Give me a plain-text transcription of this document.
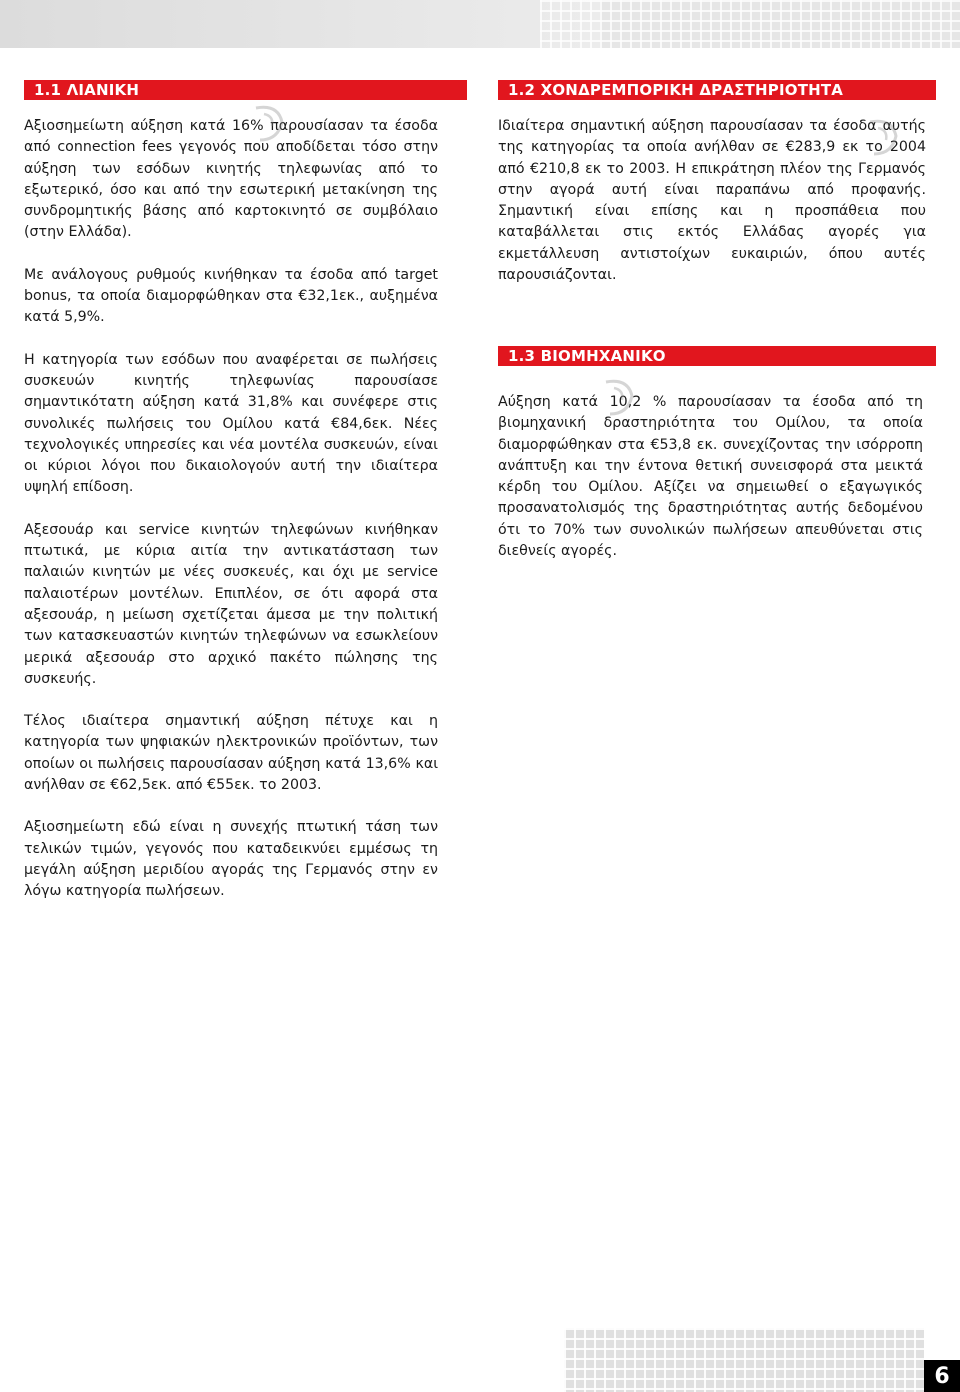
1.1 ΛΙΑΝΙΚΗ

Αξιοσημείωτη αύξηση κατά 16% παρουσίασαν τα έσοδα από connection fees γεγονός που αποδίδεται τόσο στην αύξηση των εσόδων κινητής τηλεφωνίας από το εξωτερικό, όσο και από την εσωτερική μετακίνηση της συνδρομητικής βάσης από καρτοκινητό σε συμβόλαιο (στην Ελλάδα).

Με ανάλογους ρυθμούς κινήθηκαν τα έσοδα από target bonus, τα οποία διαμορφώθηκαν στα €32,1εκ., αυξημένα κατά 5,9%.

Η κατηγορία των εσόδων που αναφέρεται σε πωλήσεις συσκευών κινητής τηλεφωνίας παρουσίασε σημαντικότατη αύξηση κατά 31,8% και συνέφερε στις συνολικές πωλήσεις του Ομίλου κατά €84,6εκ. Νέες τεχνολογικές υπηρεσίες και νέα μοντέλα συσκευών, είναι οι κύριοι λόγοι που δικαιολογούν αυτή την ιδιαίτερα υψηλή επίδοση.

Αξεσουάρ και service κινητών τηλεφώνων κινήθηκαν πτωτικά, με κύρια αιτία την αντικατάσταση των παλαιών κινητών με νέες συσκευές, και όχι με service παλαιοτέρων μοντέλων. Επιπλέον, σε ότι αφορά στα αξεσουάρ, η μείωση σχετίζεται άμεσα με την πολιτική των κατασκευαστών κινητών τηλεφώνων να εσωκλείουν μερικά αξεσουάρ στο αρχικό πακέτο πώλησης της συσκευής.

Τέλος ιδιαίτερα σημαντική αύξηση πέτυχε και η κατηγορία των ψηφιακών ηλεκτρονικών προϊόντων, των οποίων οι πωλήσεις παρουσίασαν αύξηση κατά 13,6% και ανήλθαν σε €62,5εκ. από €55εκ. το 2003.

Αξιοσημείωτη εδώ είναι η συνεχής πτωτική τάση των τελικών τιμών, γεγονός που καταδεικνύει εμμέσως τη μεγάλη αύξηση μεριδίου αγοράς της Γερμανός στην εν λόγω κατηγορία πωλήσεων.

1.2 ΧΟΝΔΡΕΜΠΟΡΙΚΗ ΔΡΑΣΤΗΡΙΟΤΗΤΑ

Ιδιαίτερα σημαντική αύξηση παρουσίασαν τα έσοδα αυτής της κατηγορίας τα οποία ανήλθαν σε €283,9 εκ το 2004 από €210,8 εκ το 2003. Η επικράτηση πλέον της Γερμανός στην αγορά αυτή είναι παραπάνω από προφανής. Σημαντική είναι επίσης και η προσπάθεια που καταβάλλεται στις εκτός Ελλάδας αγορές για εκμετάλλευση αντιστοίχων ευκαιριών, όπου αυτές παρουσιάζονται.

1.3 ΒΙΟΜΗΧΑΝΙΚΟ

Αύξηση κατά 10,2 % παρουσίασαν τα έσοδα από τη βιομηχανική δραστηριότητα του Ομίλου, τα οποία διαμορφώθηκαν στα €53,8 εκ. συνεχίζοντας την ισόρροπη ανάπτυξη και την έντονα θετική συνεισφορά στα μεικτά κέρδη του Ομίλου. Αξίζει να σημειωθεί ο εξαγωγικός προσανατολισμός της δραστηριότητας αυτής δεδομένου ότι το 70% των συνολικών πωλήσεων απευθύνεται στις διεθνείς αγορές.

6
